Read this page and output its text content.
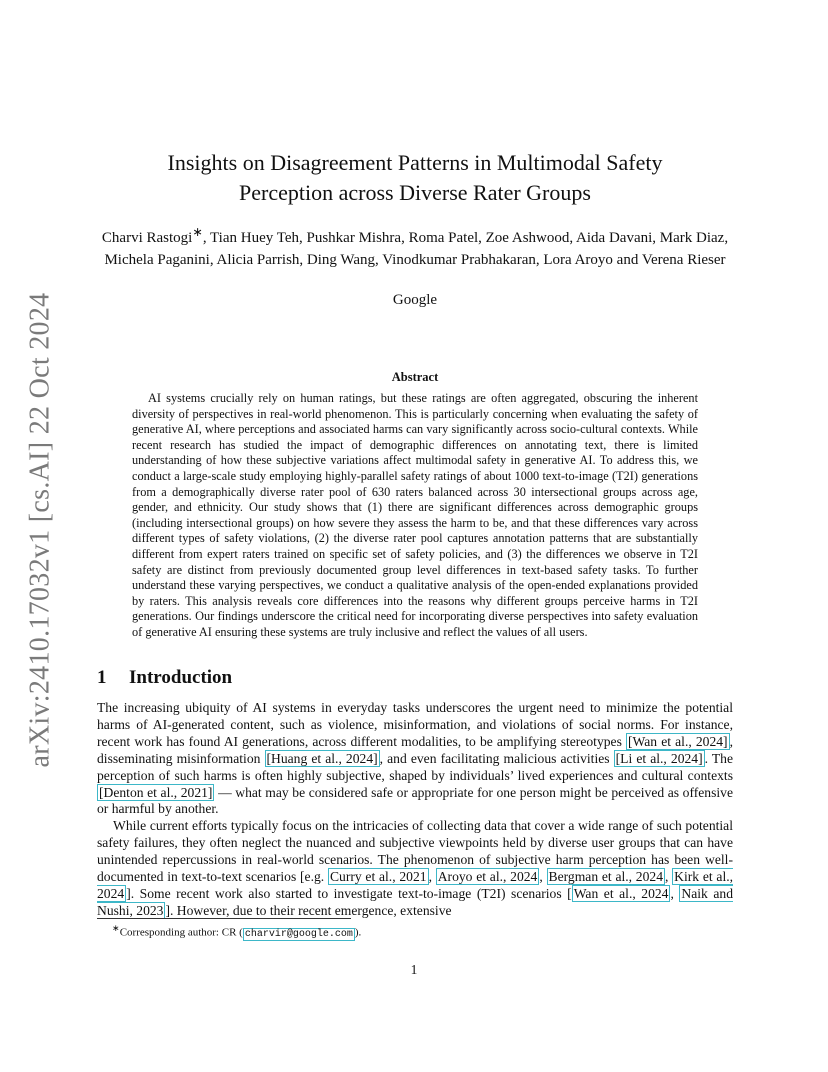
arXiv:2410.17032v1 [cs.AI] 22 Oct 2024
Insights on Disagreement Patterns in Multimodal Safety
Perception across Diverse Rater Groups

Charvi Rastogi∗, Tian Huey Teh, Pushkar Mishra, Roma Patel, Zoe Ashwood, Aida Davani, Mark Diaz, Michela Paganini, Alicia Parrish, Ding Wang, Vinodkumar Prabhakaran, Lora Aroyo and Verena Rieser

Google

Abstract

AI systems crucially rely on human ratings, but these ratings are often aggregated, obscuring the inherent diversity of perspectives in real-world phenomenon. This is particularly concerning when evaluating the safety of generative AI, where perceptions and associated harms can vary significantly across socio-cultural contexts. While recent research has studied the impact of demographic differences on annotating text, there is limited understanding of how these subjective variations affect multimodal safety in generative AI. To address this, we conduct a large-scale study employing highly-parallel safety ratings of about 1000 text-to-image (T2I) generations from a demographically diverse rater pool of 630 raters balanced across 30 intersectional groups across age, gender, and ethnicity. Our study shows that (1) there are significant differences across demographic groups (including intersectional groups) on how severe they assess the harm to be, and that these differences vary across different types of safety violations, (2) the diverse rater pool captures annotation patterns that are substantially different from expert raters trained on specific set of safety policies, and (3) the differences we observe in T2I safety are distinct from previously documented group level differences in text-based safety tasks. To further understand these varying perspectives, we conduct a qualitative analysis of the open-ended explanations provided by raters. This analysis reveals core differences into the reasons why different groups perceive harms in T2I generations. Our findings underscore the critical need for incorporating diverse perspectives into safety evaluation of generative AI ensuring these systems are truly inclusive and reflect the values of all users.

1 Introduction

The increasing ubiquity of AI systems in everyday tasks underscores the urgent need to minimize the potential harms of AI-generated content, such as violence, misinformation, and violations of social norms. For instance, recent work has found AI generations, across different modalities, to be amplifying stereotypes [Wan et al., 2024] , disseminating misinformation [Huang et al., 2024] , and even facilitating malicious activities [Li et al., 2024] . The perception of such harms is often highly subjective, shaped by individuals’ lived experiences and cultural contexts [Denton et al., 2021] — what may be considered safe or appropriate for one person might be perceived as offensive or harmful by another.

While current efforts typically focus on the intricacies of collecting data that cover a wide range of such potential safety failures, they often neglect the nuanced and subjective viewpoints held by diverse user groups that can have unintended repercussions in real-world scenarios. The phenomenon of subjective harm perception has been well-documented in text-to-text scenarios [e.g. Curry et al., 2021 , Aroyo et al., 2024 , Bergman et al., 2024 , Kirk et al., 2024 ]. Some recent work also started to investigate text-to-image (T2I) scenarios [ Wan et al., 2024 , Naik and Nushi, 2023 ]. However, due to their recent emergence, extensive

∗Corresponding author: CR ( charvir@google.com ).

1
